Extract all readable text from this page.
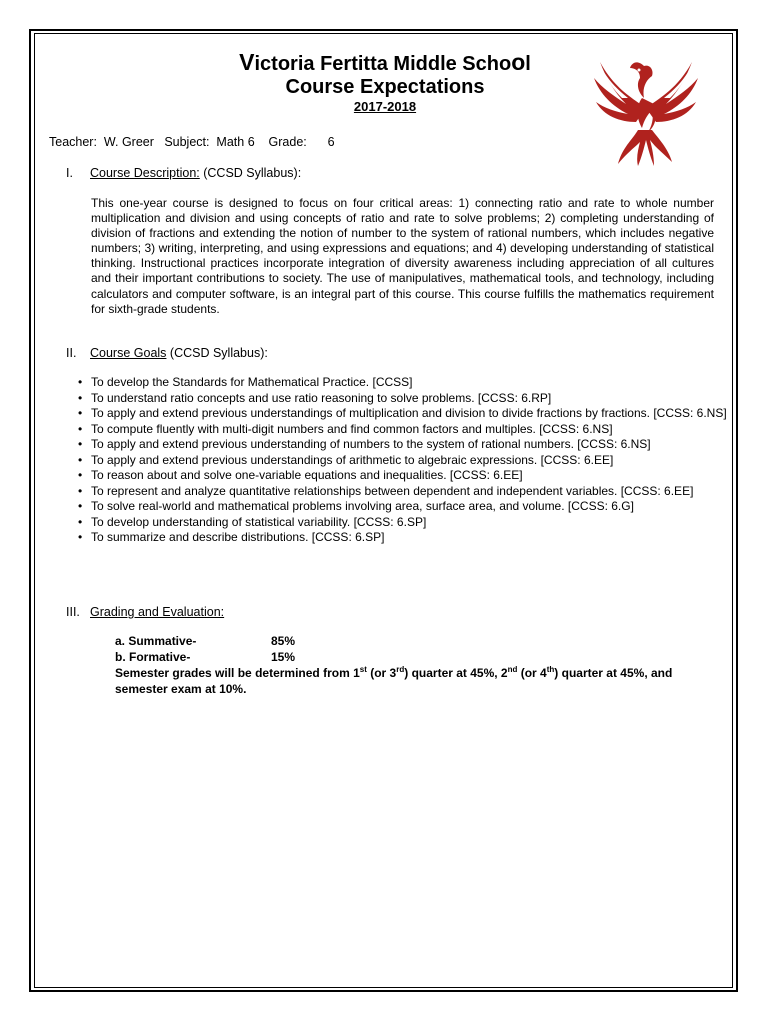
Victoria Fertitta Middle School
Course Expectations
2017-2018
Teacher:  W. Greer   Subject:  Math 6    Grade:      6
I. Course Description: (CCSD Syllabus):

This one-year course is designed to focus on four critical areas: 1) connecting ratio and rate to whole number multiplication and division and using concepts of ratio and rate to solve problems; 2) completing understanding of division of fractions and extending the notion of number to the system of rational numbers, which includes negative numbers; 3) writing, interpreting, and using expressions and equations; and 4) developing understanding of statistical thinking. Instructional practices incorporate integration of diversity awareness including appreciation of all cultures and their important contributions to society. The use of manipulatives, mathematical tools, and technology, including calculators and computer software, is an integral part of this course. This course fulfills the mathematics requirement for sixth-grade students.

II. Course Goals (CCSD Syllabus):
• To develop the Standards for Mathematical Practice. [CCSS]
• To understand ratio concepts and use ratio reasoning to solve problems. [CCSS: 6.RP]
• To apply and extend previous understandings of multiplication and division to divide fractions by fractions. [CCSS: 6.NS]
• To compute fluently with multi-digit numbers and find common factors and multiples. [CCSS: 6.NS]
• To apply and extend previous understanding of numbers to the system of rational numbers. [CCSS: 6.NS]
• To apply and extend previous understandings of arithmetic to algebraic expressions. [CCSS: 6.EE]
• To reason about and solve one-variable equations and inequalities. [CCSS: 6.EE]
• To represent and analyze quantitative relationships between dependent and independent variables. [CCSS: 6.EE]
• To solve real-world and mathematical problems involving area, surface area, and volume. [CCSS: 6.G]
• To develop understanding of statistical variability. [CCSS: 6.SP]
• To summarize and describe distributions. [CCSS: 6.SP]
III. Grading and Evaluation:
a. Summative-	85%
b. Formative-	15%
Semester grades will be determined from 1st (or 3rd) quarter at 45%, 2nd (or 4th) quarter at 45%, and semester exam at 10%.
